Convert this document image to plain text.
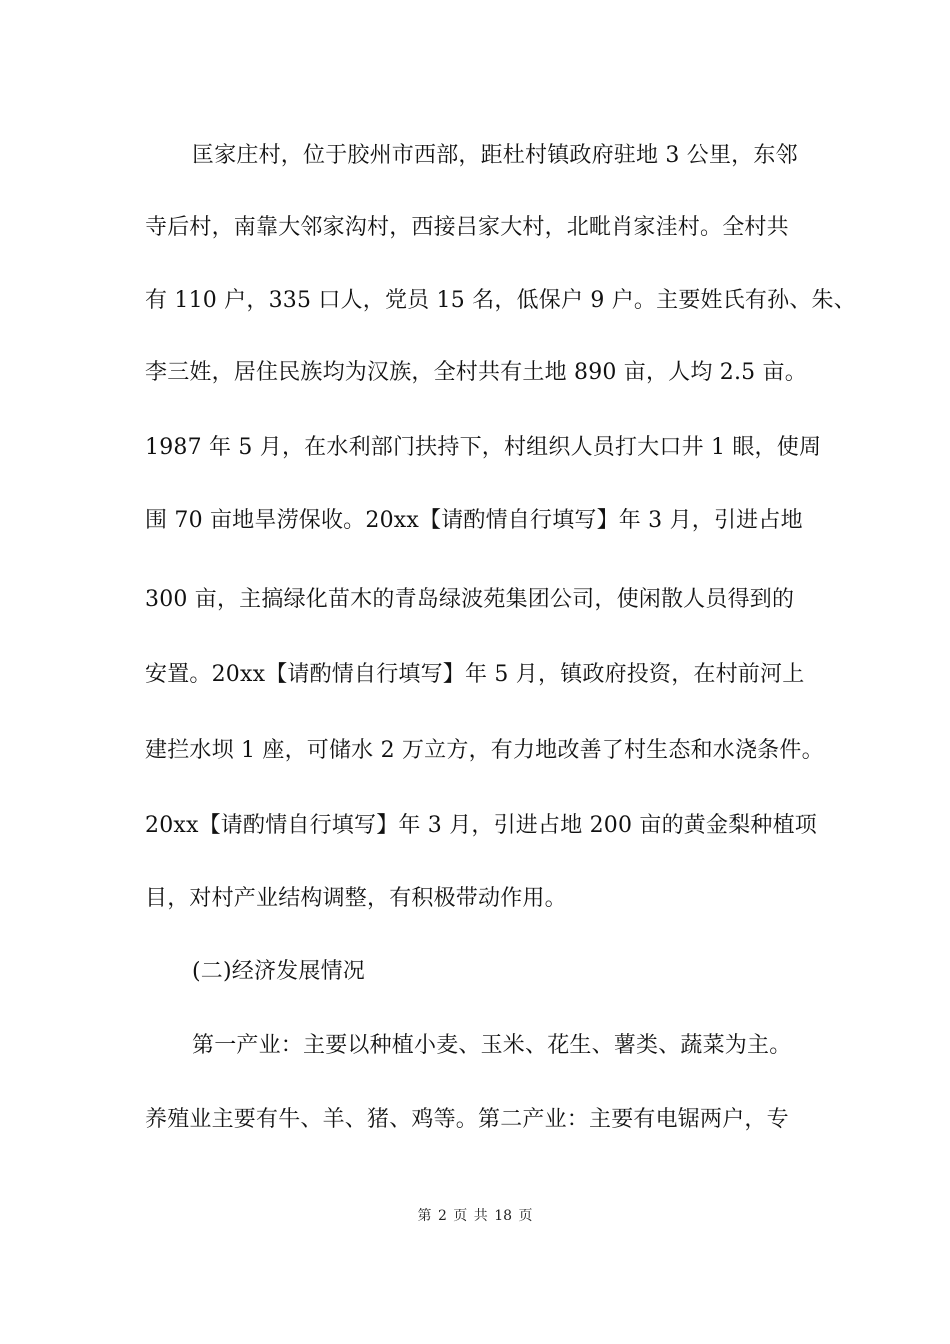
匡家庄村，位于胶州市西部，距杜村镇政府驻地 3 公里，东邻
寺后村，南靠大邻家沟村，西接吕家大村，北毗肖家洼村。全村共
有 110 户，335 口人，党员 15 名，低保户 9 户。主要姓氏有孙、朱、
李三姓，居住民族均为汉族，全村共有土地 890 亩，人均 2.5 亩。
1987 年 5 月，在水利部门扶持下，村组织人员打大口井 1 眼，使周
围 70 亩地旱涝保收。20xx【请酌情自行填写】年 3 月，引进占地
300 亩，主搞绿化苗木的青岛绿波苑集团公司，使闲散人员得到的
安置。20xx【请酌情自行填写】年 5 月，镇政府投资，在村前河上
建拦水坝 1 座，可储水 2 万立方，有力地改善了村生态和水浇条件。
20xx【请酌情自行填写】年 3 月，引进占地 200 亩的黄金梨种植项
目，对村产业结构调整，有积极带动作用。
(二)经济发展情况
第一产业：主要以种植小麦、玉米、花生、薯类、蔬菜为主。
养殖业主要有牛、羊、猪、鸡等。第二产业：主要有电锯两户，专
第 2 页 共 18 页
